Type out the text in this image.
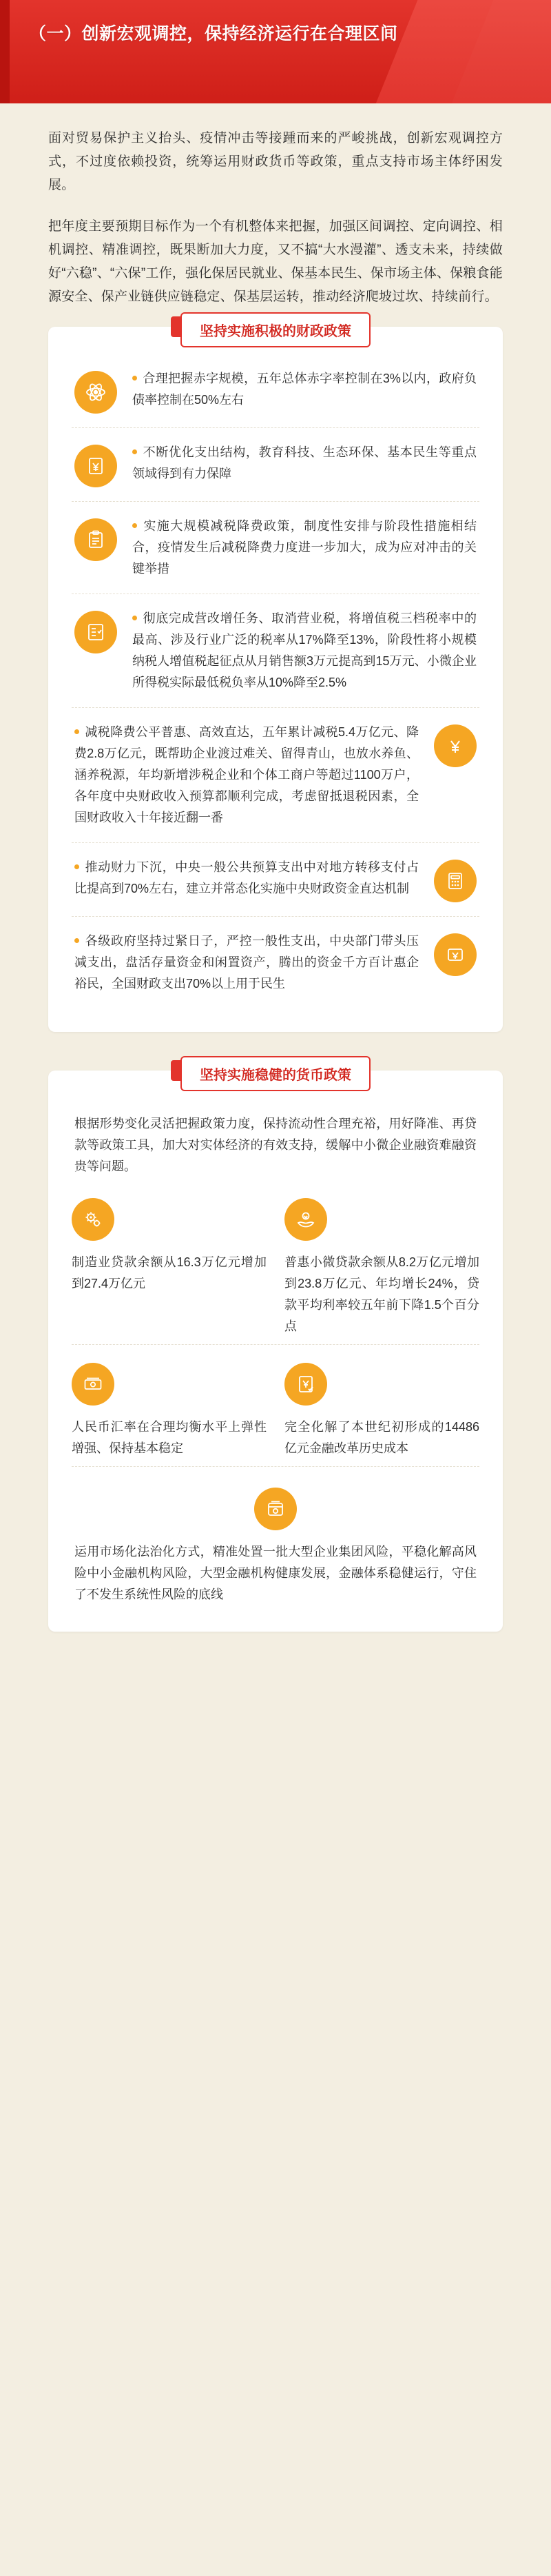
（一）创新宏观调控，保持经济运行在合理区间

面对贸易保护主义抬头、疫情冲击等接踵而来的严峻挑战，创新宏观调控方式，不过度依赖投资，统筹运用财政货币等政策，重点支持市场主体纾困发展。

把年度主要预期目标作为一个有机整体来把握，加强区间调控、定向调控、相机调控、精准调控，既果断加大力度，又不搞“大水漫灌”、透支未来，持续做好“六稳”、“六保”工作，强化保居民就业、保基本民生、保市场主体、保粮食能源安全、保产业链供应链稳定、保基层运转，推动经济爬坡过坎、持续前行。

坚持实施积极的财政政策
合理把握赤字规模，五年总体赤字率控制在3%以内，政府负债率控制在50%左右
不断优化支出结构，教育科技、生态环保、基本民生等重点领域得到有力保障
实施大规模减税降费政策，制度性安排与阶段性措施相结合，疫情发生后减税降费力度进一步加大，成为应对冲击的关键举措
彻底完成营改增任务、取消营业税，将增值税三档税率中的最高、涉及行业广泛的税率从17%降至13%，阶段性将小规模纳税人增值税起征点从月销售额3万元提高到15万元、小微企业所得税实际最低税负率从10%降至2.5%
减税降费公平普惠、高效直达，五年累计减税5.4万亿元、降费2.8万亿元，既帮助企业渡过难关、留得青山，也放水养鱼、涵养税源，年均新增涉税企业和个体工商户等超过1100万户，各年度中央财政收入预算都顺利完成，考虑留抵退税因素，全国财政收入十年接近翻一番
推动财力下沉，中央一般公共预算支出中对地方转移支付占比提高到70%左右，建立并常态化实施中央财政资金直达机制
各级政府坚持过紧日子，严控一般性支出，中央部门带头压减支出，盘活存量资金和闲置资产，腾出的资金千方百计惠企裕民，全国财政支出70%以上用于民生
坚持实施稳健的货币政策
根据形势变化灵活把握政策力度，保持流动性合理充裕，用好降准、再贷款等政策工具，加大对实体经济的有效支持，缓解中小微企业融资难融资贵等问题。
制造业贷款余额从16.3万亿元增加到27.4万亿元
普惠小微贷款余额从8.2万亿元增加到23.8万亿元、年均增长24%，贷款平均利率较五年前下降1.5个百分点
人民币汇率在合理均衡水平上弹性增强、保持基本稳定
完全化解了本世纪初形成的14486亿元金融改革历史成本
运用市场化法治化方式，精准处置一批大型企业集团风险，平稳化解高风险中小金融机构风险，大型金融机构健康发展，金融体系稳健运行，守住了不发生系统性风险的底线
